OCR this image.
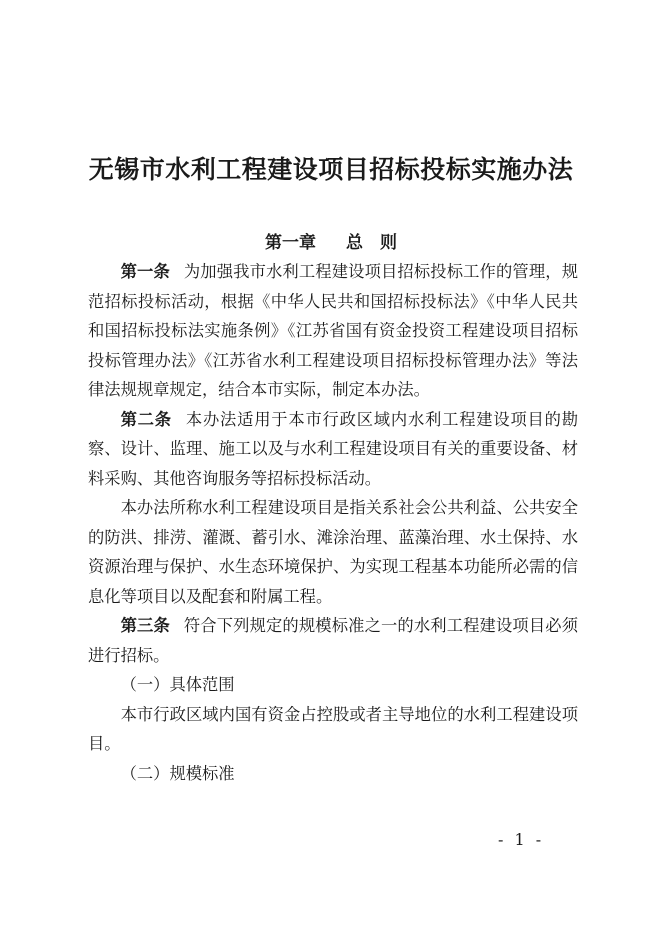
无锡市水利工程建设项目招标投标实施办法
第一章 总　则

第一条 为加强我市水利工程建设项目招标投标工作的管理，规范招标投标活动，根据《中华人民共和国招标投标法》《中华人民共和国招标投标法实施条例》《江苏省国有资金投资工程建设项目招标投标管理办法》《江苏省水利工程建设项目招标投标管理办法》等法律法规规章规定，结合本市实际，制定本办法。

第二条 本办法适用于本市行政区域内水利工程建设项目的勘察、设计、监理、施工以及与水利工程建设项目有关的重要设备、材料采购、其他咨询服务等招标投标活动。

本办法所称水利工程建设项目是指关系社会公共利益、公共安全的防洪、排涝、灌溉、蓄引水、滩涂治理、蓝藻治理、水土保持、水资源治理与保护、水生态环境保护、为实现工程基本功能所必需的信息化等项目以及配套和附属工程。

第三条 符合下列规定的规模标准之一的水利工程建设项目必须进行招标。

（一）具体范围

本市行政区域内国有资金占控股或者主导地位的水利工程建设项目。

（二）规模标准

- 1 -
